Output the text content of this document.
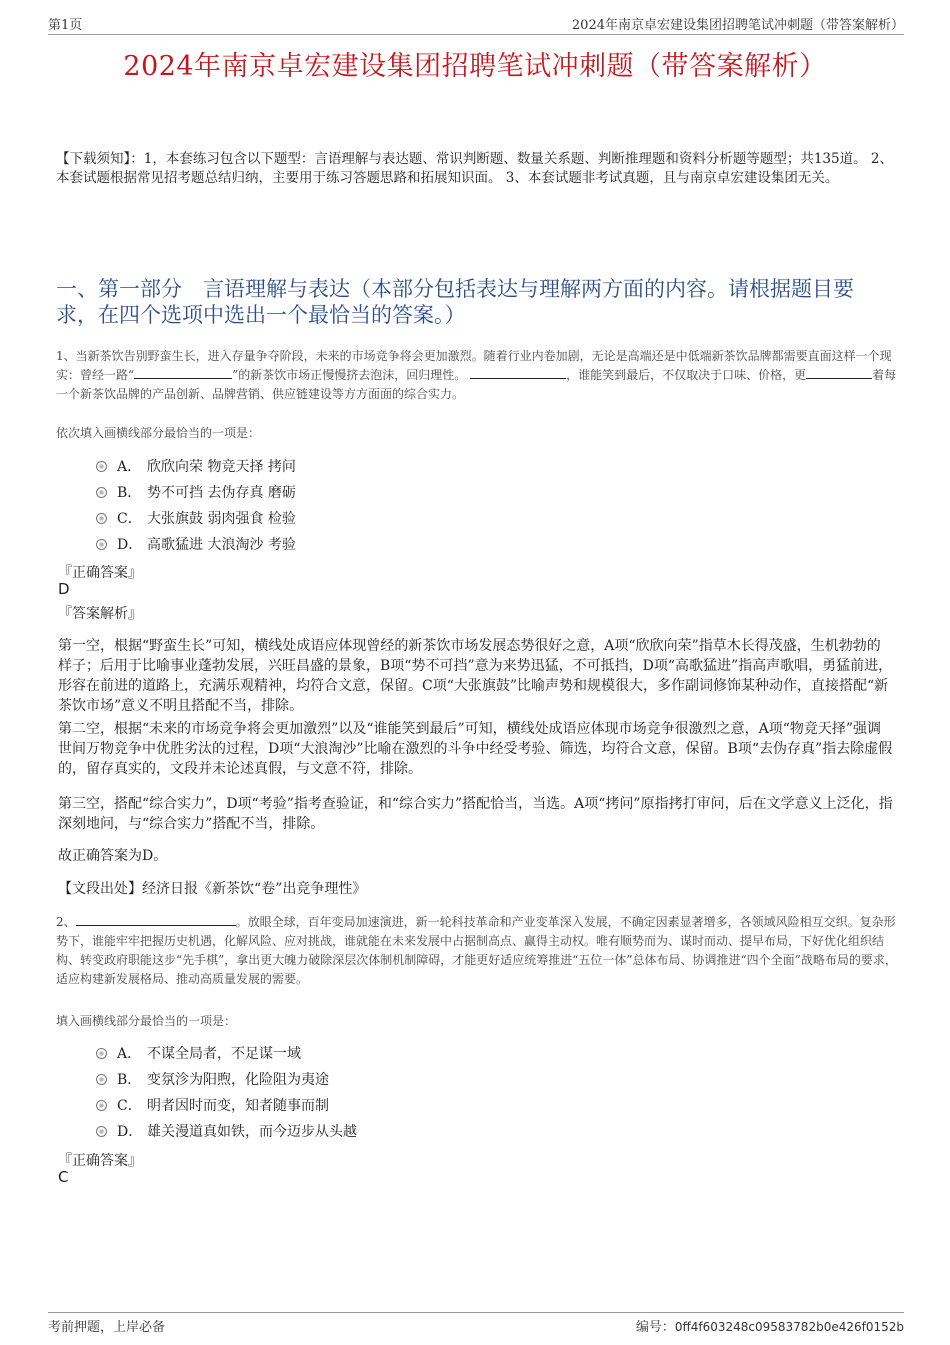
第1页	2024年南京卓宏建设集团招聘笔试冲刺题（带答案解析）
2024年南京卓宏建设集团招聘笔试冲刺题（带答案解析）

【下载须知】：1，本套练习包含以下题型：言语理解与表达题、常识判断题、数量关系题、判断推理题和资料分析题等题型；共135道。 2、本套试题根据常见招考题总结归纳，主要用于练习答题思路和拓展知识面。 3、本套试题非考试真题，且与南京卓宏建设集团无关。

一、第一部分　言语理解与表达（本部分包括表达与理解两方面的内容。请根据题目要求，在四个选项中选出一个最恰当的答案。）

1、当新茶饮告别野蛮生长，进入存量争夺阶段，未来的市场竞争将会更加激烈。随着行业内卷加剧，无论是高端还是中低端新茶饮品牌都需要直面这样一个现实：曾经一路“	”的新茶饮市场正慢慢挤去泡沫，回归理性。	，谁能笑到最后，不仅取决于口味、价格，更	着每一个新茶饮品牌的产品创新、品牌营销、供应链建设等方方面面的综合实力。

依次填入画横线部分最恰当的一项是：

A． 欣欣向荣 物竞天择 拷问
B． 势不可挡 去伪存真 磨砺
C． 大张旗鼓 弱肉强食 检验
D． 高歌猛进 大浪淘沙 考验

『正确答案』

D

『答案解析』

第一空，根据“野蛮生长”可知，横线处成语应体现曾经的新茶饮市场发展态势很好之意，A项“欣欣向荣”指草木长得茂盛，生机勃勃的样子；后用于比喻事业蓬勃发展，兴旺昌盛的景象，B项“势不可挡”意为来势迅猛，不可抵挡，D项“高歌猛进”指高声歌唱，勇猛前进，形容在前进的道路上，充满乐观精神，均符合文意，保留。C项“大张旗鼓”比喻声势和规模很大，多作副词修饰某种动作，直接搭配“新茶饮市场”意义不明且搭配不当，排除。

第二空，根据“未来的市场竞争将会更加激烈”以及“谁能笑到最后”可知，横线处成语应体现市场竞争很激烈之意，A项“物竞天择”强调世间万物竞争中优胜劣汰的过程，D项“大浪淘沙”比喻在激烈的斗争中经受考验、筛选，均符合文意，保留。B项“去伪存真”指去除虚假的，留存真实的，文段并未论述真假，与文意不符，排除。

第三空，搭配“综合实力”，D项“考验”指考查验证，和“综合实力”搭配恰当，当选。A项“拷问”原指拷打审问，后在文学意义上泛化，指深刻地问，与“综合实力”搭配不当，排除。

故正确答案为D。

【文段出处】经济日报《新茶饮“卷”出竞争理性》

2、	。放眼全球，百年变局加速演进，新一轮科技革命和产业变革深入发展，不确定因素显著增多，各领域风险相互交织。复杂形势下，谁能牢牢把握历史机遇，化解风险、应对挑战，谁就能在未来发展中占据制高点、赢得主动权。唯有顺势而为、谋时而动、提早布局，下好优化组织结构、转变政府职能这步“先手棋”，拿出更大魄力破除深层次体制机制障碍，才能更好适应统筹推进“五位一体”总体布局、协调推进“四个全面”战略布局的要求，适应构建新发展格局、推动高质量发展的需要。

填入画横线部分最恰当的一项是：

A． 不谋全局者，不足谋一域
B． 变氛沴为阳煦，化险阻为夷途
C． 明者因时而变，知者随事而制
D． 雄关漫道真如铁，而今迈步从头越

『正确答案』

C

考前押题，上岸必备	编号：0ff4f603248c09583782b0e426f0152b
